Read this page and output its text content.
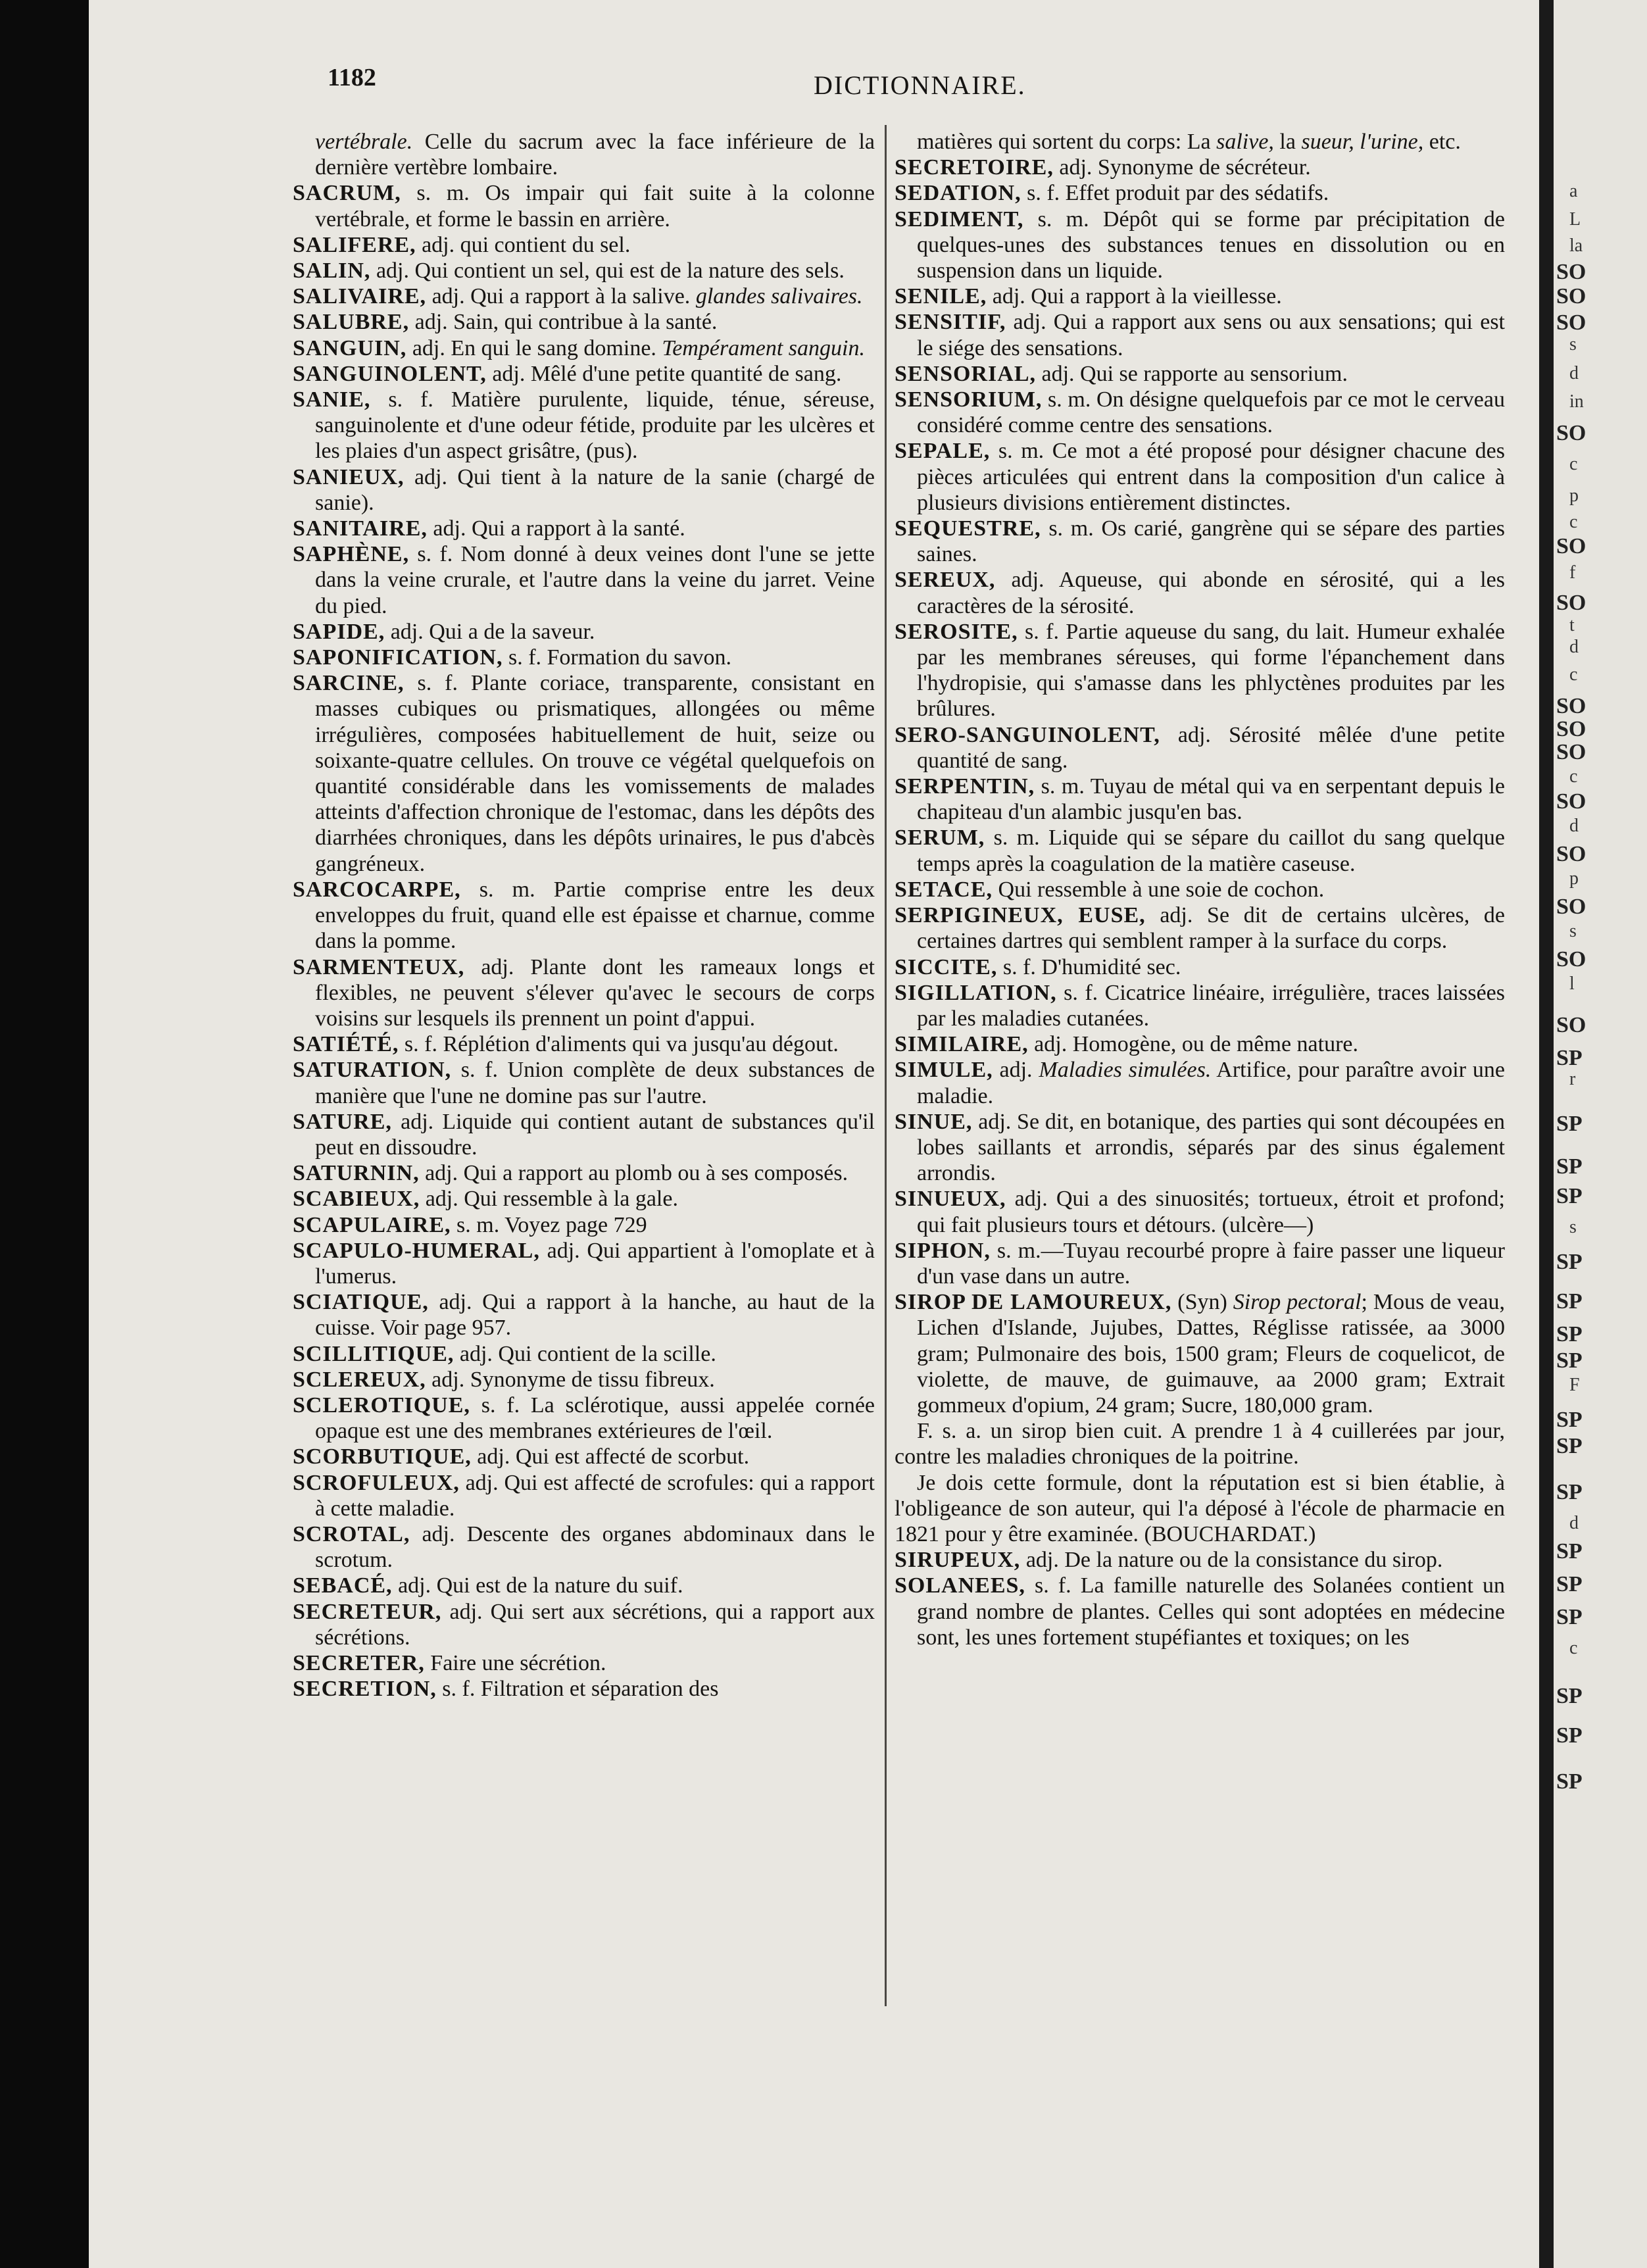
1182	DICTIONNAIRE.

vertébrale. Celle du sacrum avec la face inférieure de la dernière vertèbre lombaire.

SACRUM, s. m. Os impair qui fait suite à la colonne vertébrale, et forme le bassin en arrière.

SALIFERE, adj. qui contient du sel.

SALIN, adj. Qui contient un sel, qui est de la nature des sels.

SALIVAIRE, adj. Qui a rapport à la salive. glandes salivaires.

SALUBRE, adj. Sain, qui contribue à la santé.

SANGUIN, adj. En qui le sang domine. Tempérament sanguin.

SANGUINOLENT, adj. Mêlé d'une petite quantité de sang.

SANIE, s. f. Matière purulente, liquide, ténue, séreuse, sanguinolente et d'une odeur fétide, produite par les ulcères et les plaies d'un aspect grisâtre, (pus).

SANIEUX, adj. Qui tient à la nature de la sanie (chargé de sanie).

SANITAIRE, adj. Qui a rapport à la santé.

SAPHÈNE, s. f. Nom donné à deux veines dont l'une se jette dans la veine crurale, et l'autre dans la veine du jarret. Veine du pied.

SAPIDE, adj. Qui a de la saveur.

SAPONIFICATION, s. f. Formation du savon.

SARCINE, s. f. Plante coriace, transparente, consistant en masses cubiques ou prismatiques, allongées ou même irrégulières, composées habituellement de huit, seize ou soixante-quatre cellules. On trouve ce végétal quelquefois on quantité considérable dans les vomissements de malades atteints d'affection chronique de l'estomac, dans les dépôts des diarrhées chroniques, dans les dépôts urinaires, le pus d'abcès gangréneux.

SARCOCARPE, s. m. Partie comprise entre les deux enveloppes du fruit, quand elle est épaisse et charnue, comme dans la pomme.

SARMENTEUX, adj. Plante dont les rameaux longs et flexibles, ne peuvent s'élever qu'avec le secours de corps voisins sur lesquels ils prennent un point d'appui.

SATIÉTÉ, s. f. Réplétion d'aliments qui va jusqu'au dégout.

SATURATION, s. f. Union complète de deux substances de manière que l'une ne domine pas sur l'autre.

SATURE, adj. Liquide qui contient autant de substances qu'il peut en dissoudre.

SATURNIN, adj. Qui a rapport au plomb ou à ses composés.

SCABIEUX, adj. Qui ressemble à la gale.

SCAPULAIRE, s. m. Voyez page 729

SCAPULO-HUMERAL, adj. Qui appartient à l'omoplate et à l'umerus.

SCIATIQUE, adj. Qui a rapport à la hanche, au haut de la cuisse. Voir page 957.

SCILLITIQUE, adj. Qui contient de la scille.

SCLEREUX, adj. Synonyme de tissu fibreux.

SCLEROTIQUE, s. f. La sclérotique, aussi appelée cornée opaque est une des membranes extérieures de l'œil.

SCORBUTIQUE, adj. Qui est affecté de scorbut.

SCROFULEUX, adj. Qui est affecté de scrofules: qui a rapport à cette maladie.

SCROTAL, adj. Descente des organes abdominaux dans le scrotum.

SEBACÉ, adj. Qui est de la nature du suif.

SECRETEUR, adj. Qui sert aux sécrétions, qui a rapport aux sécrétions.

SECRETER, Faire une sécrétion.

SECRETION, s. f. Filtration et séparation des

matières qui sortent du corps: La salive, la sueur, l'urine, etc.

SECRETOIRE, adj. Synonyme de sécréteur.

SEDATION, s. f. Effet produit par des sédatifs.

SEDIMENT, s. m. Dépôt qui se forme par précipitation de quelques-unes des substances tenues en dissolution ou en suspension dans un liquide.

SENILE, adj. Qui a rapport à la vieillesse.

SENSITIF, adj. Qui a rapport aux sens ou aux sensations; qui est le siége des sensations.

SENSORIAL, adj. Qui se rapporte au sensorium.

SENSORIUM, s. m. On désigne quelquefois par ce mot le cerveau considéré comme centre des sensations.

SEPALE, s. m. Ce mot a été proposé pour désigner chacune des pièces articulées qui entrent dans la composition d'un calice à plusieurs divisions entièrement distinctes.

SEQUESTRE, s. m. Os carié, gangrène qui se sépare des parties saines.

SEREUX, adj. Aqueuse, qui abonde en sérosité, qui a les caractères de la sérosité.

SEROSITE, s. f. Partie aqueuse du sang, du lait. Humeur exhalée par les membranes séreuses, qui forme l'épanchement dans l'hydropisie, qui s'amasse dans les phlyctènes produites par les brûlures.

SERO-SANGUINOLENT, adj. Sérosité mêlée d'une petite quantité de sang.

SERPENTIN, s. m. Tuyau de métal qui va en serpentant depuis le chapiteau d'un alambic jusqu'en bas.

SERUM, s. m. Liquide qui se sépare du caillot du sang quelque temps après la coagulation de la matière caseuse.

SETACE, Qui ressemble à une soie de cochon.

SERPIGINEUX, EUSE, adj. Se dit de certains ulcères, de certaines dartres qui semblent ramper à la surface du corps.

SICCITE, s. f. D'humidité sec.

SIGILLATION, s. f. Cicatrice linéaire, irrégulière, traces laissées par les maladies cutanées.

SIMILAIRE, adj. Homogène, ou de même nature.

SIMULE, adj. Maladies simulées. Artifice, pour paraître avoir une maladie.

SINUE, adj. Se dit, en botanique, des parties qui sont découpées en lobes saillants et arrondis, séparés par des sinus également arrondis.

SINUEUX, adj. Qui a des sinuosités; tortueux, étroit et profond; qui fait plusieurs tours et détours. (ulcère—)

SIPHON, s. m.—Tuyau recourbé propre à faire passer une liqueur d'un vase dans un autre.

SIROP DE LAMOUREUX, (Syn) Sirop pectoral; Mous de veau, Lichen d'Islande, Jujubes, Dattes, Réglisse ratissée, aa 3000 gram; Pulmonaire des bois, 1500 gram; Fleurs de coquelicot, de violette, de mauve, de guimauve, aa 2000 gram; Extrait gommeux d'opium, 24 gram; Sucre, 180,000 gram.

F. s. a. un sirop bien cuit. A prendre 1 à 4 cuillerées par jour, contre les maladies chroniques de la poitrine.

Je dois cette formule, dont la réputation est si bien établie, à l'obligeance de son auteur, qui l'a déposé à l'école de pharmacie en 1821 pour y être examinée. (BOUCHARDAT.)

SIRUPEUX, adj. De la nature ou de la consistance du sirop.

SOLANEES, s. f. La famille naturelle des Solanées contient un grand nombre de plantes. Celles qui sont adoptées en médecine sont, les unes fortement stupéfiantes et toxiques; on les

a
L
la
SO
SO
SO
s
d
in
SO
c
p
c
SO
f
SO
t
d
c
SO
SO
SO
c
SO
d
SO
p
SO
s
SO
l
SO
SP
r
SP
SP
SP
s
SP
SP
SP
SP
F
SP
SP
SP
d
SP
SP
SP
c
SP
SP
SP
